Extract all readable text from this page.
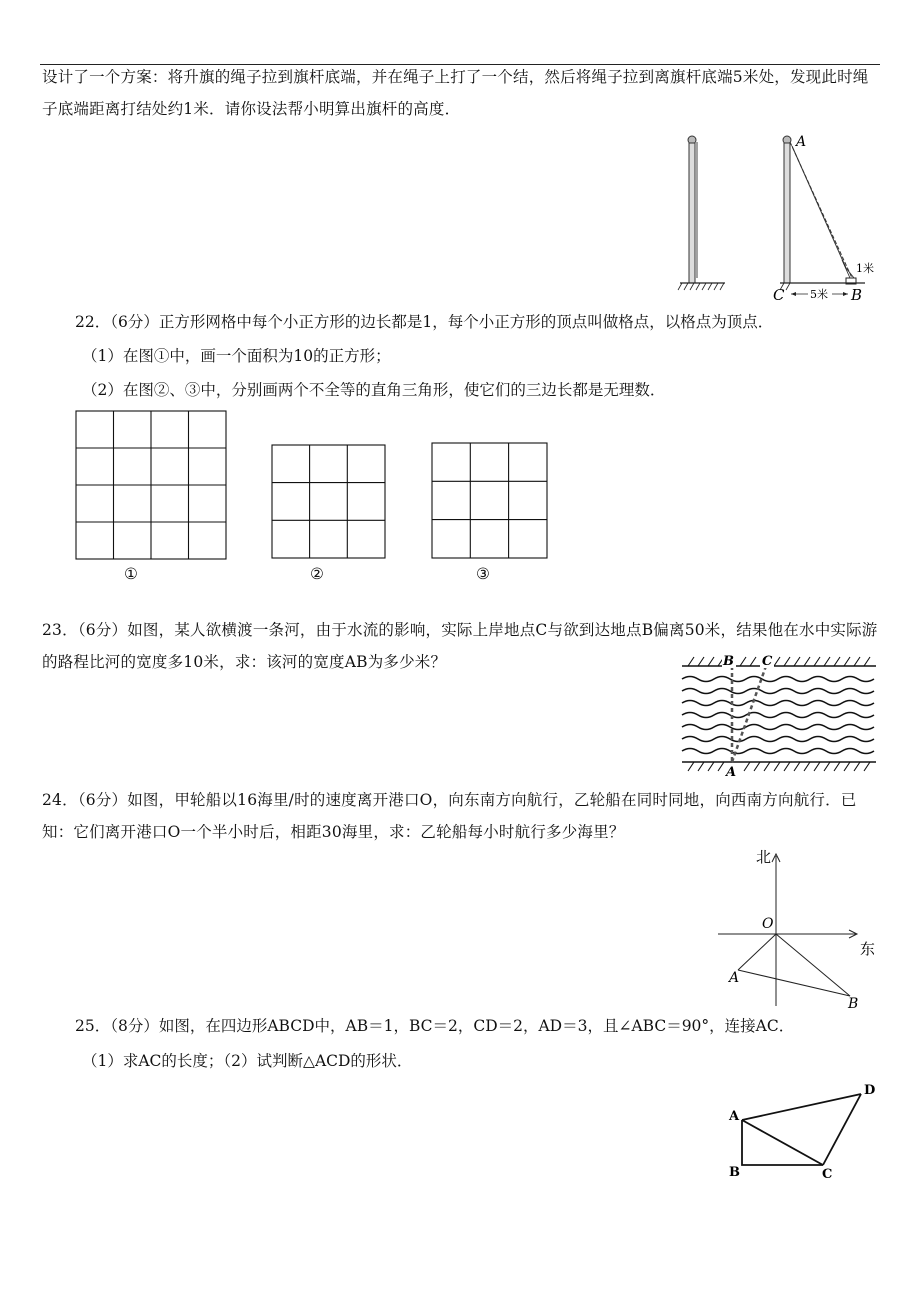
设计了一个方案：将升旗的绳子拉到旗杆底端，并在绳子上打了一个结，然后将绳子拉到离旗杆底端5米处，发现此时绳子底端距离打结处约1米．请你设法帮小明算出旗杆的高度．

5米
1米
A
C	B

22．（6分）正方形网格中每个小正方形的边长都是1，每个小正方形的顶点叫做格点，以格点为顶点．

（1）在图①中，画一个面积为10的正方形；

（2）在图②、③中，分别画两个不全等的直角三角形，使它们的三边长都是无理数．

①	②	③

23．（6分）如图，某人欲横渡一条河，由于水流的影响，实际上岸地点C与欲到达地点B偏离50米，结果他在水中实际游的路程比河的宽度多10米，求：该河的宽度AB为多少米？	B C
A

24．（6分）如图，甲轮船以16海里/时的速度离开港口O，向东南方向航行，乙轮船在同时同地，向西南方向航行．已知：它们离开港口O一个半小时后，相距30海里，求：乙轮船每小时航行多少海里？

北
东
O
A
B

25．（8分）如图，在四边形ABCD中，AB＝1，BC＝2，CD＝2，AD＝3，且∠ABC＝90°，连接AC．

（1）求AC的长度；（2）试判断△ACD的形状．

A
B	C
D
